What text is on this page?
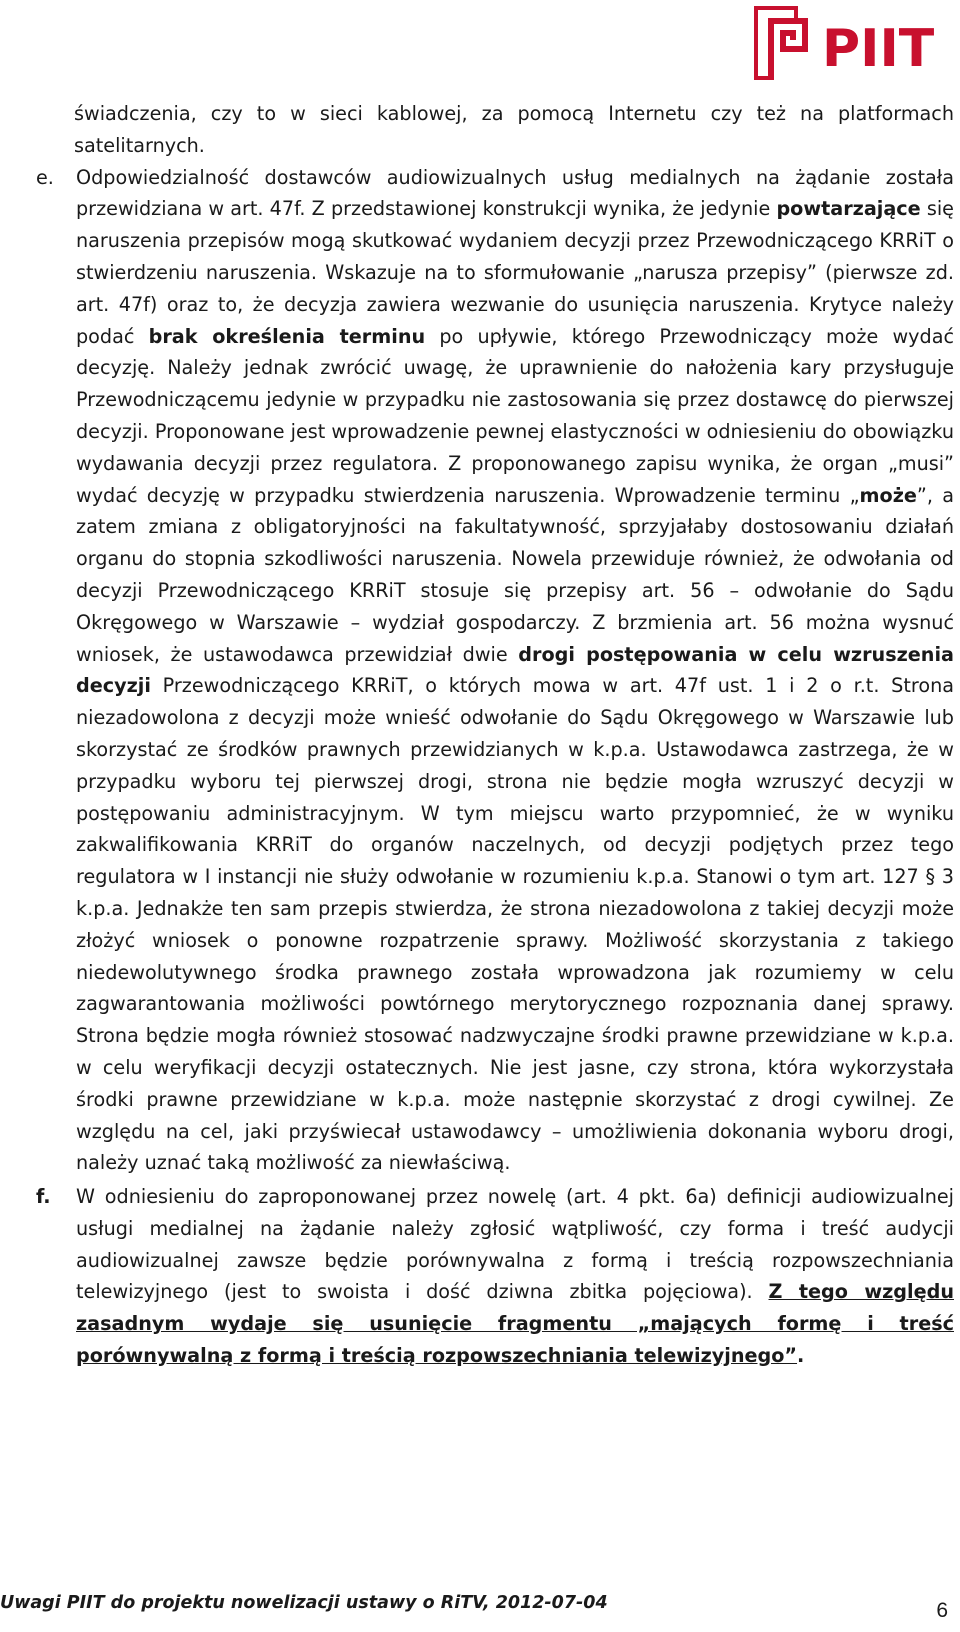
PIIT

świadczenia, czy to w sieci kablowej, za pomocą Internetu czy też na platformach satelitarnych.

e.	Odpowiedzialność dostawców audiowizualnych usług medialnych na żądanie została przewidziana w art. 47f. Z przedstawionej konstrukcji wynika, że jedynie powtarzające się naruszenia przepisów mogą skutkować wydaniem decyzji przez Przewodniczącego KRRiT o stwierdzeniu naruszenia. Wskazuje na to sformułowanie „narusza przepisy” (pierwsze zd. art. 47f) oraz to, że decyzja zawiera wezwanie do usunięcia naruszenia. Krytyce należy podać brak określenia terminu po upływie, którego Przewodniczący może wydać decyzję. Należy jednak zwrócić uwagę, że uprawnienie do nałożenia kary przysługuje Przewodniczącemu jedynie w przypadku nie zastosowania się przez dostawcę do pierwszej decyzji. Proponowane jest wprowadzenie pewnej elastyczności w odniesieniu do obowiązku wydawania decyzji przez regulatora. Z proponowanego zapisu wynika, że organ „musi” wydać decyzję w przypadku stwierdzenia naruszenia. Wprowadzenie terminu „może”, a zatem zmiana z obligatoryjności na fakultatywność, sprzyjałaby dostosowaniu działań organu do stopnia szkodliwości naruszenia. Nowela przewiduje również, że odwołania od decyzji Przewodniczącego KRRiT stosuje się przepisy art. 56 – odwołanie do Sądu Okręgowego w Warszawie – wydział gospodarczy. Z brzmienia art. 56 można wysnuć wniosek, że ustawodawca przewidział dwie drogi postępowania w celu wzruszenia decyzji Przewodniczącego KRRiT, o których mowa w art. 47f ust. 1 i 2 o r.t. Strona niezadowolona z decyzji może wnieść odwołanie do Sądu Okręgowego w Warszawie lub skorzystać ze środków prawnych przewidzianych w k.p.a. Ustawodawca zastrzega, że w przypadku wyboru tej pierwszej drogi, strona nie będzie mogła wzruszyć decyzji w postępowaniu administracyjnym. W tym miejscu warto przypomnieć, że w wyniku zakwalifikowania KRRiT do organów naczelnych, od decyzji podjętych przez tego regulatora w I instancji nie służy odwołanie w rozumieniu k.p.a. Stanowi o tym art. 127 § 3 k.p.a. Jednakże ten sam przepis stwierdza, że strona niezadowolona z takiej decyzji może złożyć wniosek o ponowne rozpatrzenie sprawy. Możliwość skorzystania z takiego niedewolutywnego środka prawnego została wprowadzona jak rozumiemy w celu zagwarantowania możliwości powtórnego merytorycznego rozpoznania danej sprawy. Strona będzie mogła również stosować nadzwyczajne środki prawne przewidziane w k.p.a. w celu weryfikacji decyzji ostatecznych. Nie jest jasne, czy strona, która wykorzystała środki prawne przewidziane w k.p.a. może następnie skorzystać z drogi cywilnej. Ze względu na cel, jaki przyświecał ustawodawcy – umożliwienia dokonania wyboru drogi, należy uznać taką możliwość za niewłaściwą.
f.	W odniesieniu do zaproponowanej przez nowelę (art. 4 pkt. 6a) definicji audiowizualnej usługi medialnej na żądanie należy zgłosić wątpliwość, czy forma i treść audycji audiowizualnej zawsze będzie porównywalna z formą i treścią rozpowszechniania telewizyjnego (jest to swoista i dość dziwna zbitka pojęciowa). Z tego względu zasadnym wydaje się usunięcie fragmentu „mających formę i treść porównywalną z formą i treścią rozpowszechniania telewizyjnego”.
Uwagi PIIT do projektu nowelizacji ustawy o RiTV, 2012-07-04	6
